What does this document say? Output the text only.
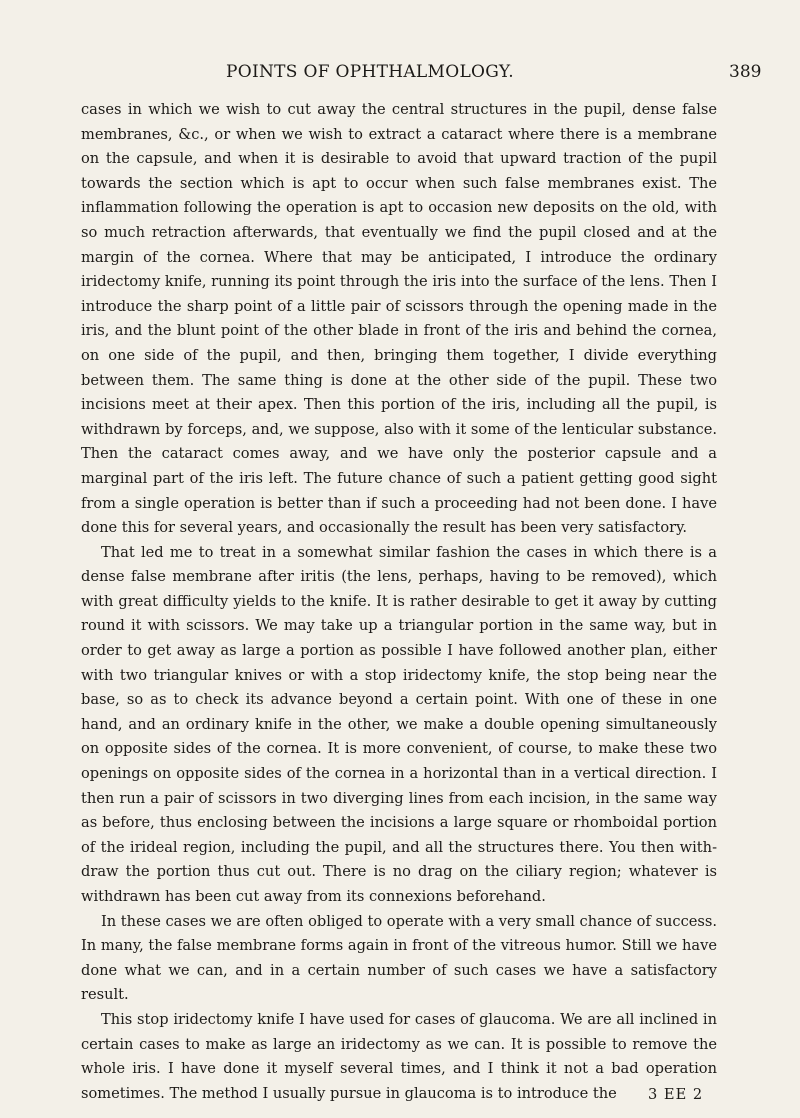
POINTS OF OPHTHALMOLOGY.	389

cases in which we wish to cut away the central structures in the pupil, dense false membranes, &c., or when we wish to extract a cataract where there is a membrane on the capsule, and when it is desirable to avoid that upward traction of the pupil towards the section which is apt to occur when such false membranes exist. The inflammation following the operation is apt to occasion new deposits on the old, with so much retraction afterwards, that eventually we find the pupil closed and at the margin of the cornea. Where that may be anticipated, I introduce the ordinary iridectomy knife, running its point through the iris into the surface of the lens. Then I introduce the sharp point of a little pair of scissors through the opening made in the iris, and the blunt point of the other blade in front of the iris and behind the cornea, on one side of the pupil, and then, bringing them together, I divide everything between them. The same thing is done at the other side of the pupil. These two incisions meet at their apex. Then this portion of the iris, including all the pupil, is withdrawn by forceps, and, we suppose, also with it some of the lenticular substance. Then the cataract comes away, and we have only the posterior capsule and a marginal part of the iris left. The future chance of such a patient getting good sight from a single operation is better than if such a proceeding had not been done. I have done this for several years, and occasionally the result has been very satisfactory.

That led me to treat in a somewhat similar fashion the cases in which there is a dense false membrane after iritis (the lens, perhaps, having to be removed), which with great difficulty yields to the knife. It is rather desirable to get it away by cutting round it with scissors. We may take up a triangular portion in the same way, but in order to get away as large a portion as possible I have followed another plan, either with two triangular knives or with a stop iridectomy knife, the stop being near the base, so as to check its advance beyond a certain point. With one of these in one hand, and an ordinary knife in the other, we make a double opening simultaneously on opposite sides of the cornea. It is more convenient, of course, to make these two openings on opposite sides of the cornea in a horizontal than in a vertical direction. I then run a pair of scissors in two diverging lines from each incision, in the same way as before, thus enclosing between the incisions a large square or rhomboidal portion of the irideal region, including the pupil, and all the structures there. You then with-draw the portion thus cut out. There is no drag on the ciliary region; whatever is withdrawn has been cut away from its connexions beforehand.

In these cases we are often obliged to operate with a very small chance of success. In many, the false membrane forms again in front of the vitreous humor. Still we have done what we can, and in a certain number of such cases we have a satisfactory result.

This stop iridectomy knife I have used for cases of glaucoma. We are all inclined in certain cases to make as large an iridectomy as we can. It is possible to remove the whole iris. I have done it myself several times, and I think it not a bad operation sometimes. The method I usually pursue in glaucoma is to introduce the	3 EE 2
